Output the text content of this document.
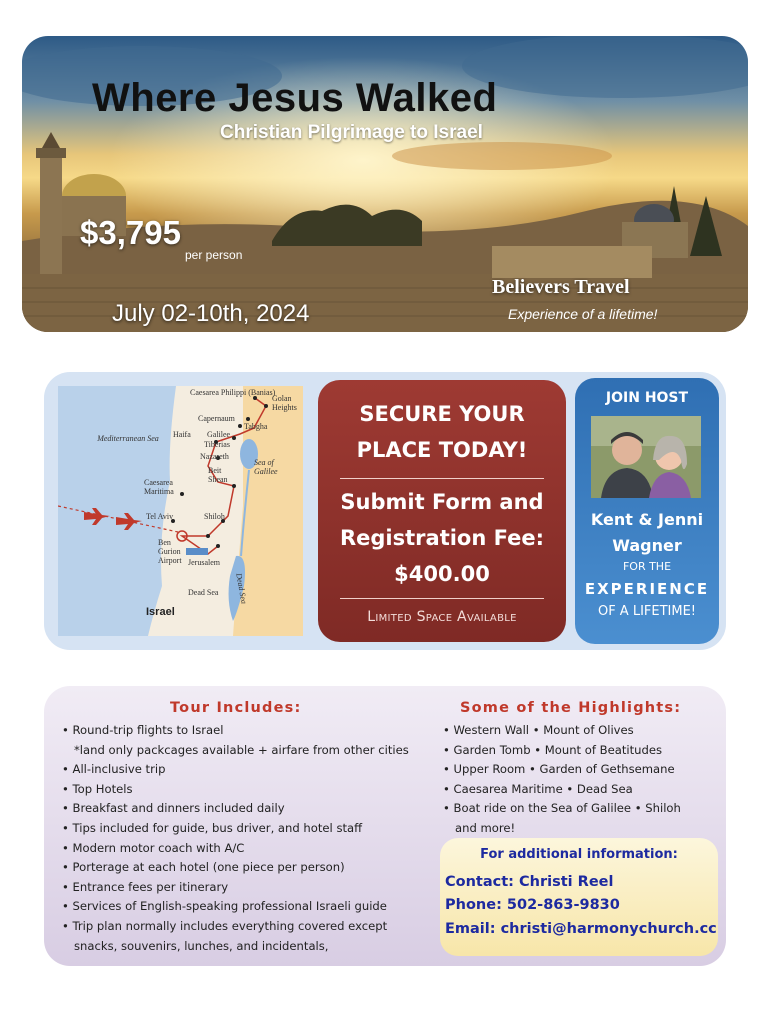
Where Jesus Walked
Christian Pilgrimage to Israel
$3,795
per person
July 02-10th, 2024
Believers Travel
Experience of a lifetime!
Caesarea Philippi (Banias)
Golan Heights
Capernaum
Tabgha
Haifa Galilee
Tiberias
Nazareth
Mediterranean Sea
Sea of Galilee
Beit Shean
Caesarea Maritima
Tel Aviv	Shiloh
Ben Gurion Airport Jerusalem
Dead Sea Dead Sea
Israel
SECURE YOUR
PLACE TODAY!
Submit Form and
Registration Fee:
$400.00
Limited Space Available
JOIN HOST
Kent & Jenni
Wagner
FOR THE
EXPERIENCE
OF A LIFETIME!
Tour Includes:
• Round-trip flights to Israel
*land only packcages available + airfare from other cities
• All-inclusive trip
• Top Hotels
• Breakfast and dinners included daily
• Tips included for guide, bus driver, and hotel staff
• Modern motor coach with A/C
• Porterage at each hotel (one piece per person)
• Entrance fees per itinerary
• Services of English-speaking professional Israeli guide
• Trip plan normally includes everything covered except
snacks, souvenirs, lunches, and incidentals,
Some of the Highlights:
• Western Wall • Mount of Olives
• Garden Tomb • Mount of Beatitudes
• Upper Room • Garden of Gethsemane
• Caesarea Maritime • Dead Sea
• Boat ride on the Sea of Galilee • Shiloh
and more!
For additional information:
Contact: Christi Reel
Phone: 502-863-9830
Email: christi@harmonychurch.cc
